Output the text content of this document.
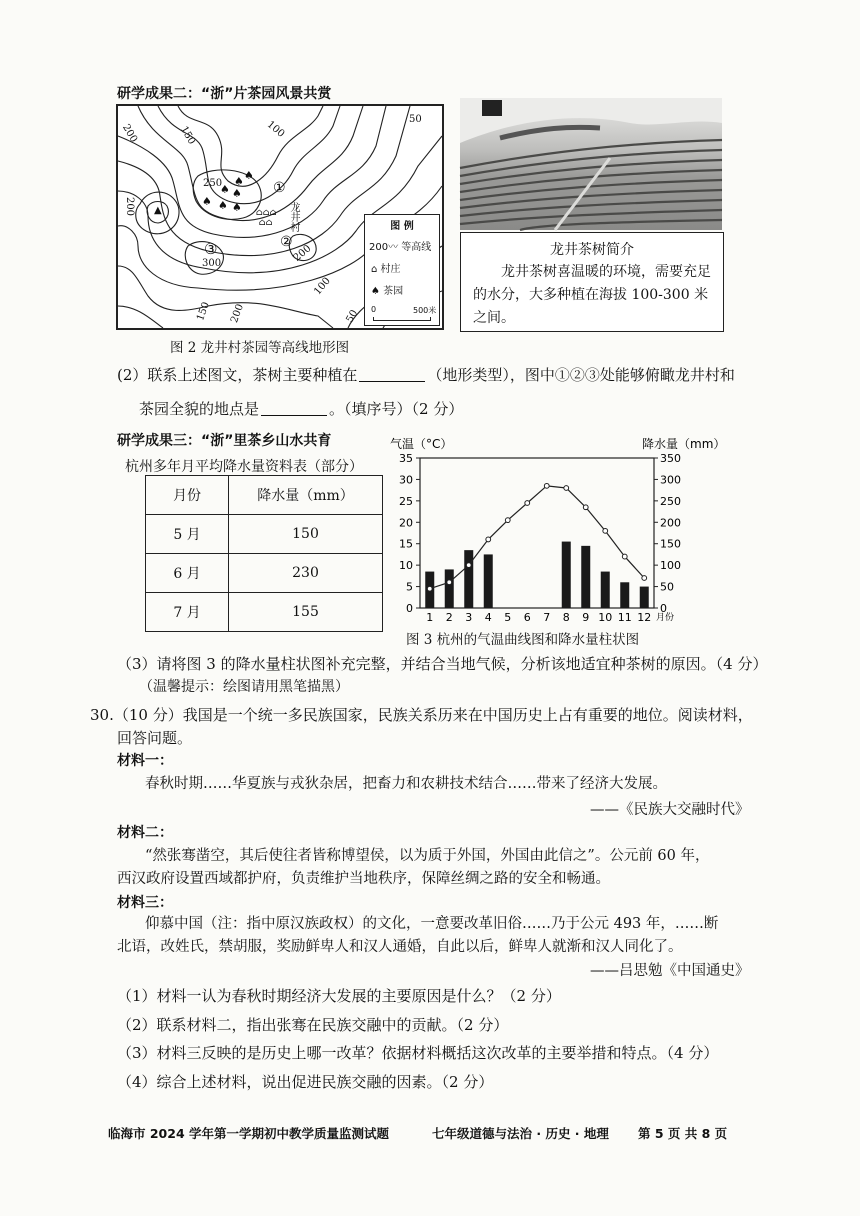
研学成果二：“浙”片茶园风景共赏
50
150	100
200
250
200
300	200
100
150 200	50
▲
③
①
②
龙井村
♠ ♠
♠ ♠
♠ ♠ ♠ ⌂⌂⌂
⌂⌂	图 例
200〰 等高线
⌂ 村庄
♠ 茶园
0	500米
图 2 龙井村茶园等高线地形图
龙井茶树简介
龙井茶树喜温暖的环境，需要充足的水分，大多种植在海拔 100-300 米之间。
(2）联系上述图文，茶树主要种植在	（地形类型），图中①②③处能够俯瞰龙井村和
茶园全貌的地点是	。（填序号）（2 分）
研学成果三：“浙”里茶乡山水共育
杭州多年月平均降水量资料表（部分）
月份	降水量（mm）
5 月	150
6 月	230
7 月	155
气温（°C）	降水量（mm）
0
5
10
15
20
25
30
35
0
50
100
150
200
250
300
350
1 2 3 4 5 6 7 8 9 10 11 12 月份
图 3 杭州的气温曲线图和降水量柱状图
（3）请将图 3 的降水量柱状图补充完整，并结合当地气候，分析该地适宜种茶树的原因。（4 分）
（温馨提示：绘图请用黑笔描黑）
30.（10 分）我国是一个统一多民族国家，民族关系历来在中国历史上占有重要的地位。阅读材料，
回答问题。
材料一：
春秋时期……华夏族与戎狄杂居，把畜力和农耕技术结合……带来了经济大发展。
——《民族大交融时代》
材料二：
“然张骞凿空，其后使往者皆称博望侯，以为质于外国，外国由此信之”。公元前 60 年，
西汉政府设置西域都护府，负责维护当地秩序，保障丝绸之路的安全和畅通。
材料三：
仰慕中国（注：指中原汉族政权）的文化，一意要改革旧俗……乃于公元 493 年，……断
北语，改姓氏，禁胡服，奖励鲜卑人和汉人通婚，自此以后，鲜卑人就渐和汉人同化了。
——吕思勉《中国通史》
（1）材料一认为春秋时期经济大发展的主要原因是什么？（2 分）
（2）联系材料二，指出张骞在民族交融中的贡献。（2 分）
（3）材料三反映的是历史上哪一改革？依据材料概括这次改革的主要举措和特点。（4 分）
（4）综合上述材料，说出促进民族交融的因素。（2 分）
临海市 2024 学年第一学期初中教学质量监测试题	七年级道德与法治 · 历史 · 地理 第 5 页 共 8 页
